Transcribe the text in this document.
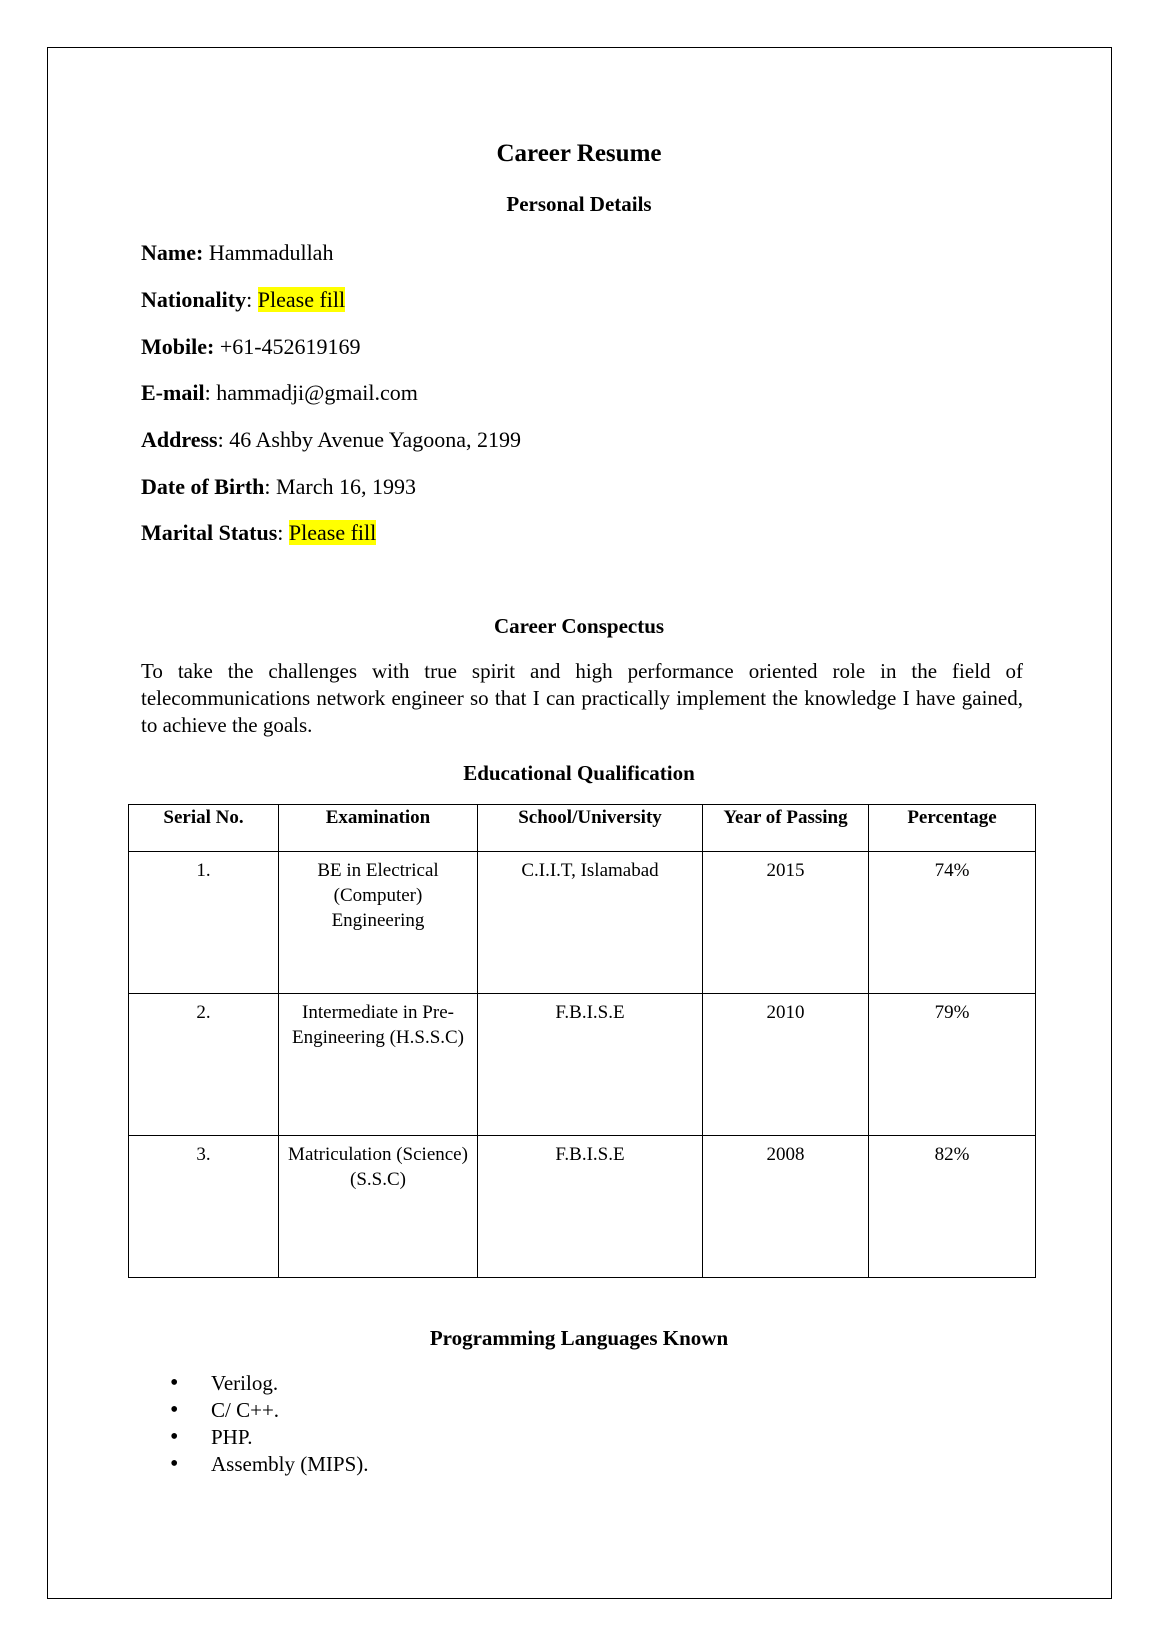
Career Resume
Personal Details
Name: Hammadullah
Nationality: Please fill
Mobile: +61-452619169
E-mail: hammadji@gmail.com
Address: 46 Ashby Avenue Yagoona, 2199
Date of Birth: March 16, 1993
Marital Status: Please fill
Career Conspectus
To take the challenges with true spirit and high performance oriented role in the field of telecommunications network engineer so that I can practically implement the knowledge I have gained, to achieve the goals.
Educational Qualification
Serial No.	Examination	School/University	Year of Passing	Percentage
1.	BE in Electrical (Computer) Engineering	C.I.I.T, Islamabad	2015	74%
2.	Intermediate in Pre-Engineering (H.S.S.C)	F.B.I.S.E	2010	79%
3.	Matriculation (Science) (S.S.C)	F.B.I.S.E	2008	82%
Programming Languages Known
• Verilog.
• C/ C++.
• PHP.
• Assembly (MIPS).
